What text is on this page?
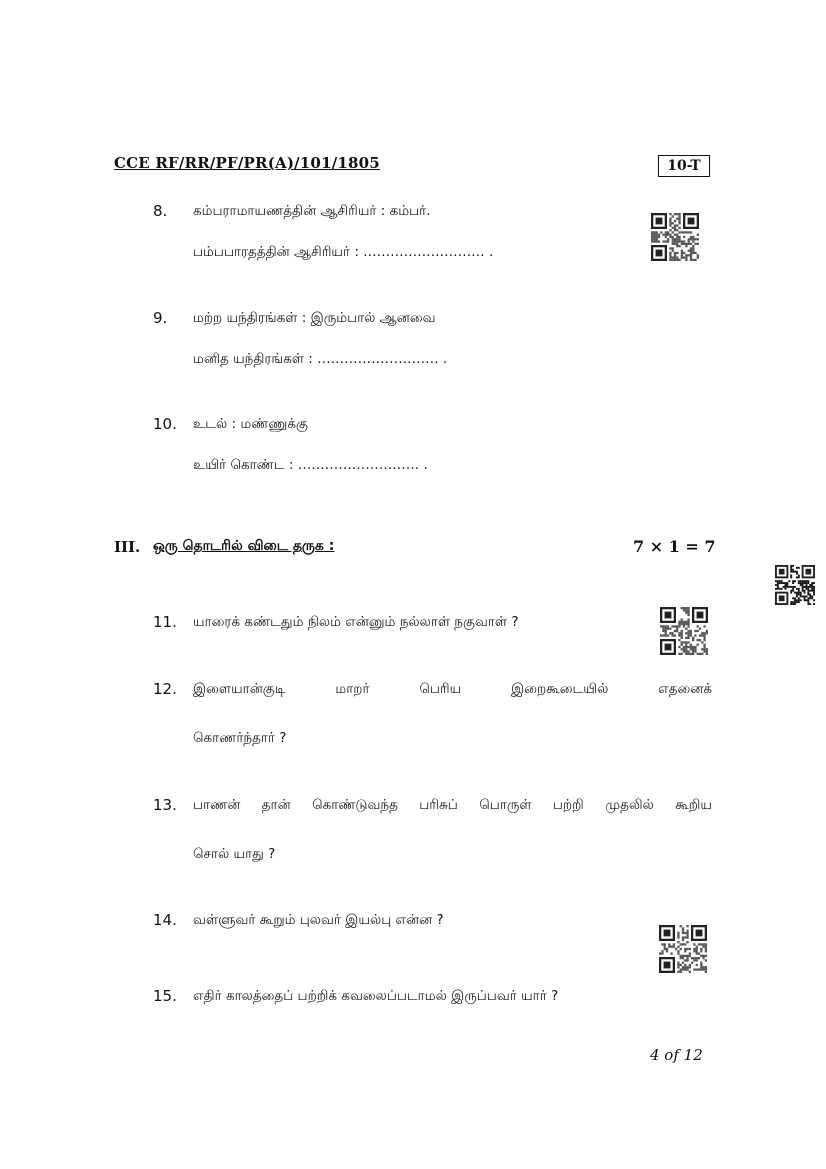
CCE RF/RR/PF/PR(A)/101/1805	10-T
8. கம்பராமாயணத்தின் ஆசிரியர் : கம்பர்.
பம்பபாரதத்தின் ஆசிரியர் : ……………………… .
9. மற்ற யந்திரங்கள் : இரும்பால் ஆனவை
மனித யந்திரங்கள் : ……………………… .
10. உடல் : மண்ணுக்கு
உயிர் கொண்ட : ……………………… .
III. ஒரு தொடரில் விடை தருக :	7 × 1 = 7
11. யாரைக் கண்டதும் நிலம் என்னும் நல்லாள் நகுவாள் ?
12. இளையான்குடி மாறர் பெரிய இறைகூடையில் எதனைக்
கொணர்ந்தார் ?
13. பாணன் தான் கொண்டுவந்த பரிசுப் பொருள் பற்றி முதலில் கூறிய
சொல் யாது ?
14. வள்ளுவர் கூறும் புலவர் இயல்பு என்ன ?
15. எதிர் காலத்தைப் பற்றிக் கவலைப்படாமல் இருப்பவர் யார் ?
4 of 12
